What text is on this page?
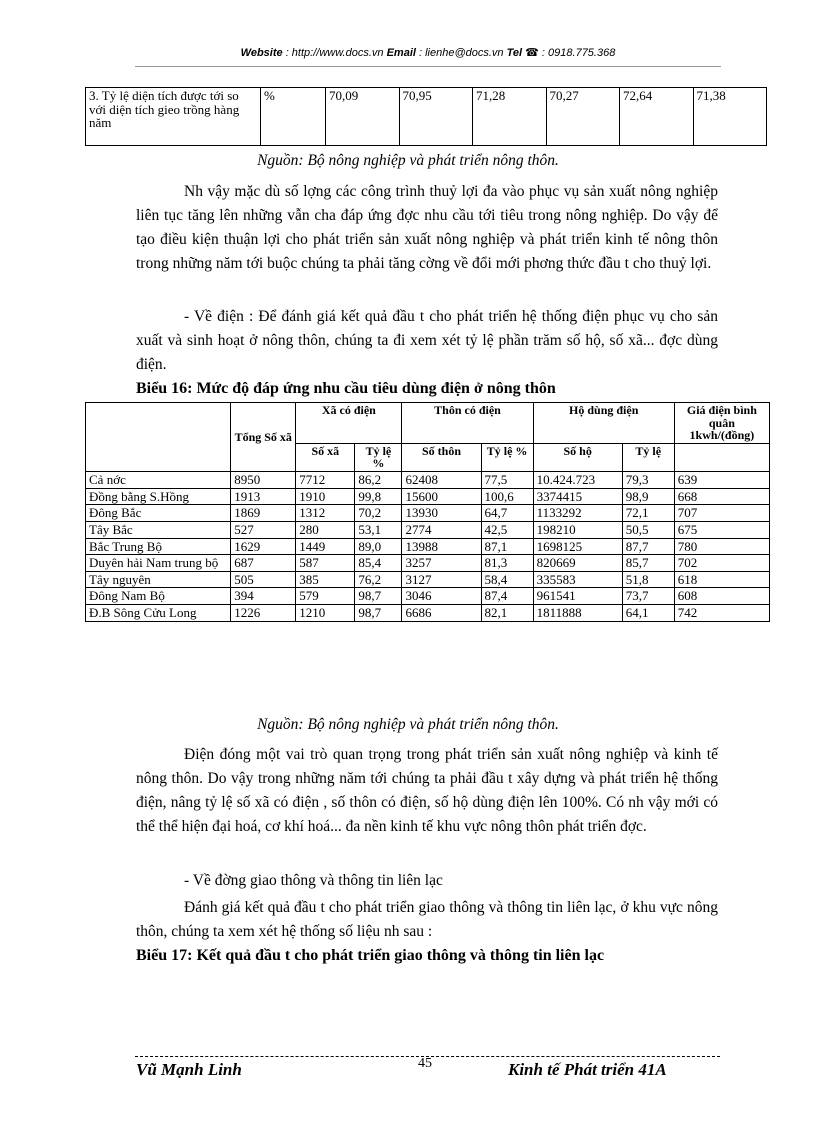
Website : http://www.docs.vn Email : lienhe@docs.vn Tel ☎ : 0918.775.368
3. Tỷ lệ diện tích được tới so với diện tích gieo trồng hàng năm	%	70,09	70,95	71,28	70,27	72,64	71,38
Nguồn: Bộ nông nghiệp và phát triển nông thôn.

Nh vậy mặc dù số lợng các công trình thuỷ lợi đa vào phục vụ sản xuất nông nghiệp liên tục tăng lên những vẫn cha đáp ứng đợc nhu cầu tới tiêu trong nông nghiệp. Do vậy để tạo điều kiện thuận lợi cho phát triển sản xuất nông nghiệp và phát triển kinh tế nông thôn trong những năm tới buộc chúng ta phải tăng cờng về đổi mới phơng thức đầu t cho thuỷ lợi.

- Về điện : Để đánh giá kết quả đầu t cho phát triển hệ thống điện phục vụ cho sản xuất và sinh hoạt ở nông thôn, chúng ta đi xem xét tỷ lệ phần trăm số hộ, số xã... đợc dùng điện.

Biểu 16: Mức độ đáp ứng nhu cầu tiêu dùng điện ở nông thôn
	Tổng Số xã	Xã có điện		Thôn có điện		Hộ dùng điện		Giá điện bình quân 1kwh/(đồng)
		Số xã	Tỷ lệ %	Số thôn	Tỷ lệ %	Số hộ	Tỷ lệ	
Cả nớc	8950	7712	86,2	62408	77,5	10.424.723	79,3	639
Đồng bằng S.Hồng	1913	1910	99,8	15600	100,6	3374415	98,9	668
Đông Bắc	1869	1312	70,2	13930	64,7	1133292	72,1	707
Tây Bắc	527	280	53,1	2774	42,5	198210	50,5	675
Bắc Trung Bộ	1629	1449	89,0	13988	87,1	1698125	87,7	780
Duyên hải Nam trung bộ	687	587	85,4	3257	81,3	820669	85,7	702
Tây nguyên	505	385	76,2	3127	58,4	335583	51,8	618
Đông Nam Bộ	394	579	98,7	3046	87,4	961541	73,7	608
Đ.B Sông Cửu Long	1226	1210	98,7	6686	82,1	1811888	64,1	742
Nguồn: Bộ nông nghiệp và phát triển nông thôn.

Điện đóng một vai trò quan trọng trong phát triển sản xuất nông nghiệp và kinh tế nông thôn. Do vậy trong những năm tới chúng ta phải đầu t xây dựng và phát triển hệ thống điện, nâng tỷ lệ số xã có điện , số thôn có điện, số hộ dùng điện lên 100%. Có nh vậy mới có thể thể hiện đại hoá, cơ khí hoá... đa nền kinh tế khu vực nông thôn phát triển đợc.

- Về đờng giao thông và thông tin liên lạc

Đánh giá kết quả đầu t cho phát triển giao thông và thông tin liên lạc, ở khu vực nông thôn, chúng ta xem xét hệ thống số liệu nh sau :

Biểu 17: Kết quả đầu t cho phát triển giao thông và thông tin liên lạc
Vũ Mạnh Linh	45	Kinh tế Phát triển 41A
